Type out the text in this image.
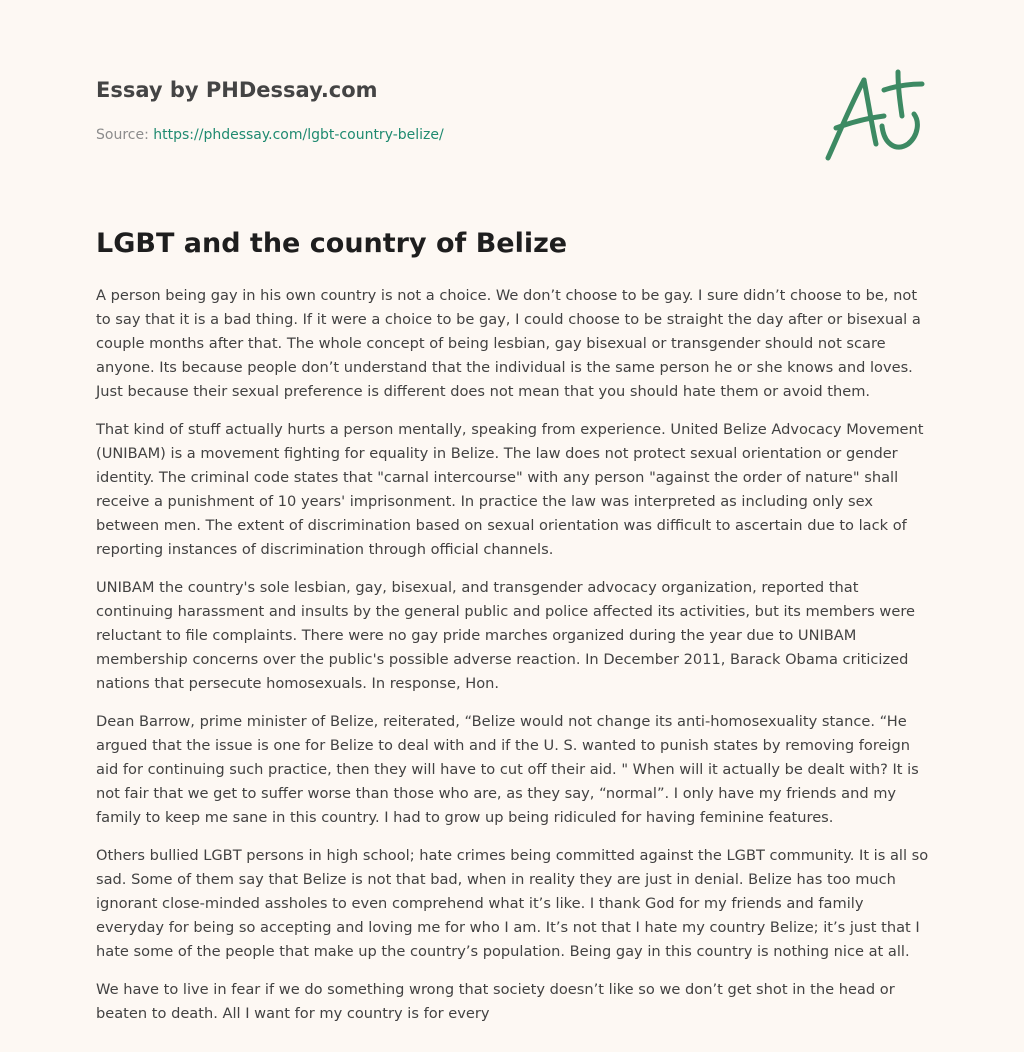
Essay by PHDessay.com
Source: https://phdessay.com/lgbt-country-belize/
LGBT and the country of Belize

A person being gay in his own country is not a choice. We don’t choose to be gay. I sure didn’t choose to be, not to say that it is a bad thing. If it were a choice to be gay, I could choose to be straight the day after or bisexual a couple months after that. The whole concept of being lesbian, gay bisexual or transgender should not scare anyone. Its because people don’t understand that the individual is the same person he or she knows and loves. Just because their sexual preference is different does not mean that you should hate them or avoid them.

That kind of stuff actually hurts a person mentally, speaking from experience. United Belize Advocacy Movement (UNIBAM) is a movement fighting for equality in Belize. The law does not protect sexual orientation or gender identity. The criminal code states that "carnal intercourse" with any person "against the order of nature" shall receive a punishment of 10 years' imprisonment. In practice the law was interpreted as including only sex between men. The extent of discrimination based on sexual orientation was difficult to ascertain due to lack of reporting instances of discrimination through official channels.

UNIBAM the country's sole lesbian, gay, bisexual, and transgender advocacy organization, reported that continuing harassment and insults by the general public and police affected its activities, but its members were reluctant to file complaints. There were no gay pride marches organized during the year due to UNIBAM membership concerns over the public's possible adverse reaction. In December 2011, Barack Obama criticized nations that persecute homosexuals. In response, Hon.

Dean Barrow, prime minister of Belize, reiterated, “Belize would not change its anti-homosexuality stance. “He argued that the issue is one for Belize to deal with and if the U. S. wanted to punish states by removing foreign aid for continuing such practice, then they will have to cut off their aid. " When will it actually be dealt with? It is not fair that we get to suffer worse than those who are, as they say, “normal”. I only have my friends and my family to keep me sane in this country. I had to grow up being ridiculed for having feminine features.

Others bullied LGBT persons in high school; hate crimes being committed against the LGBT community. It is all so sad. Some of them say that Belize is not that bad, when in reality they are just in denial. Belize has too much ignorant close-minded assholes to even comprehend what it’s like. I thank God for my friends and family everyday for being so accepting and loving me for who I am. It’s not that I hate my country Belize; it’s just that I hate some of the people that make up the country’s population. Being gay in this country is nothing nice at all.

We have to live in fear if we do something wrong that society doesn’t like so we don’t get shot in the head or beaten to death. All I want for my country is for every
